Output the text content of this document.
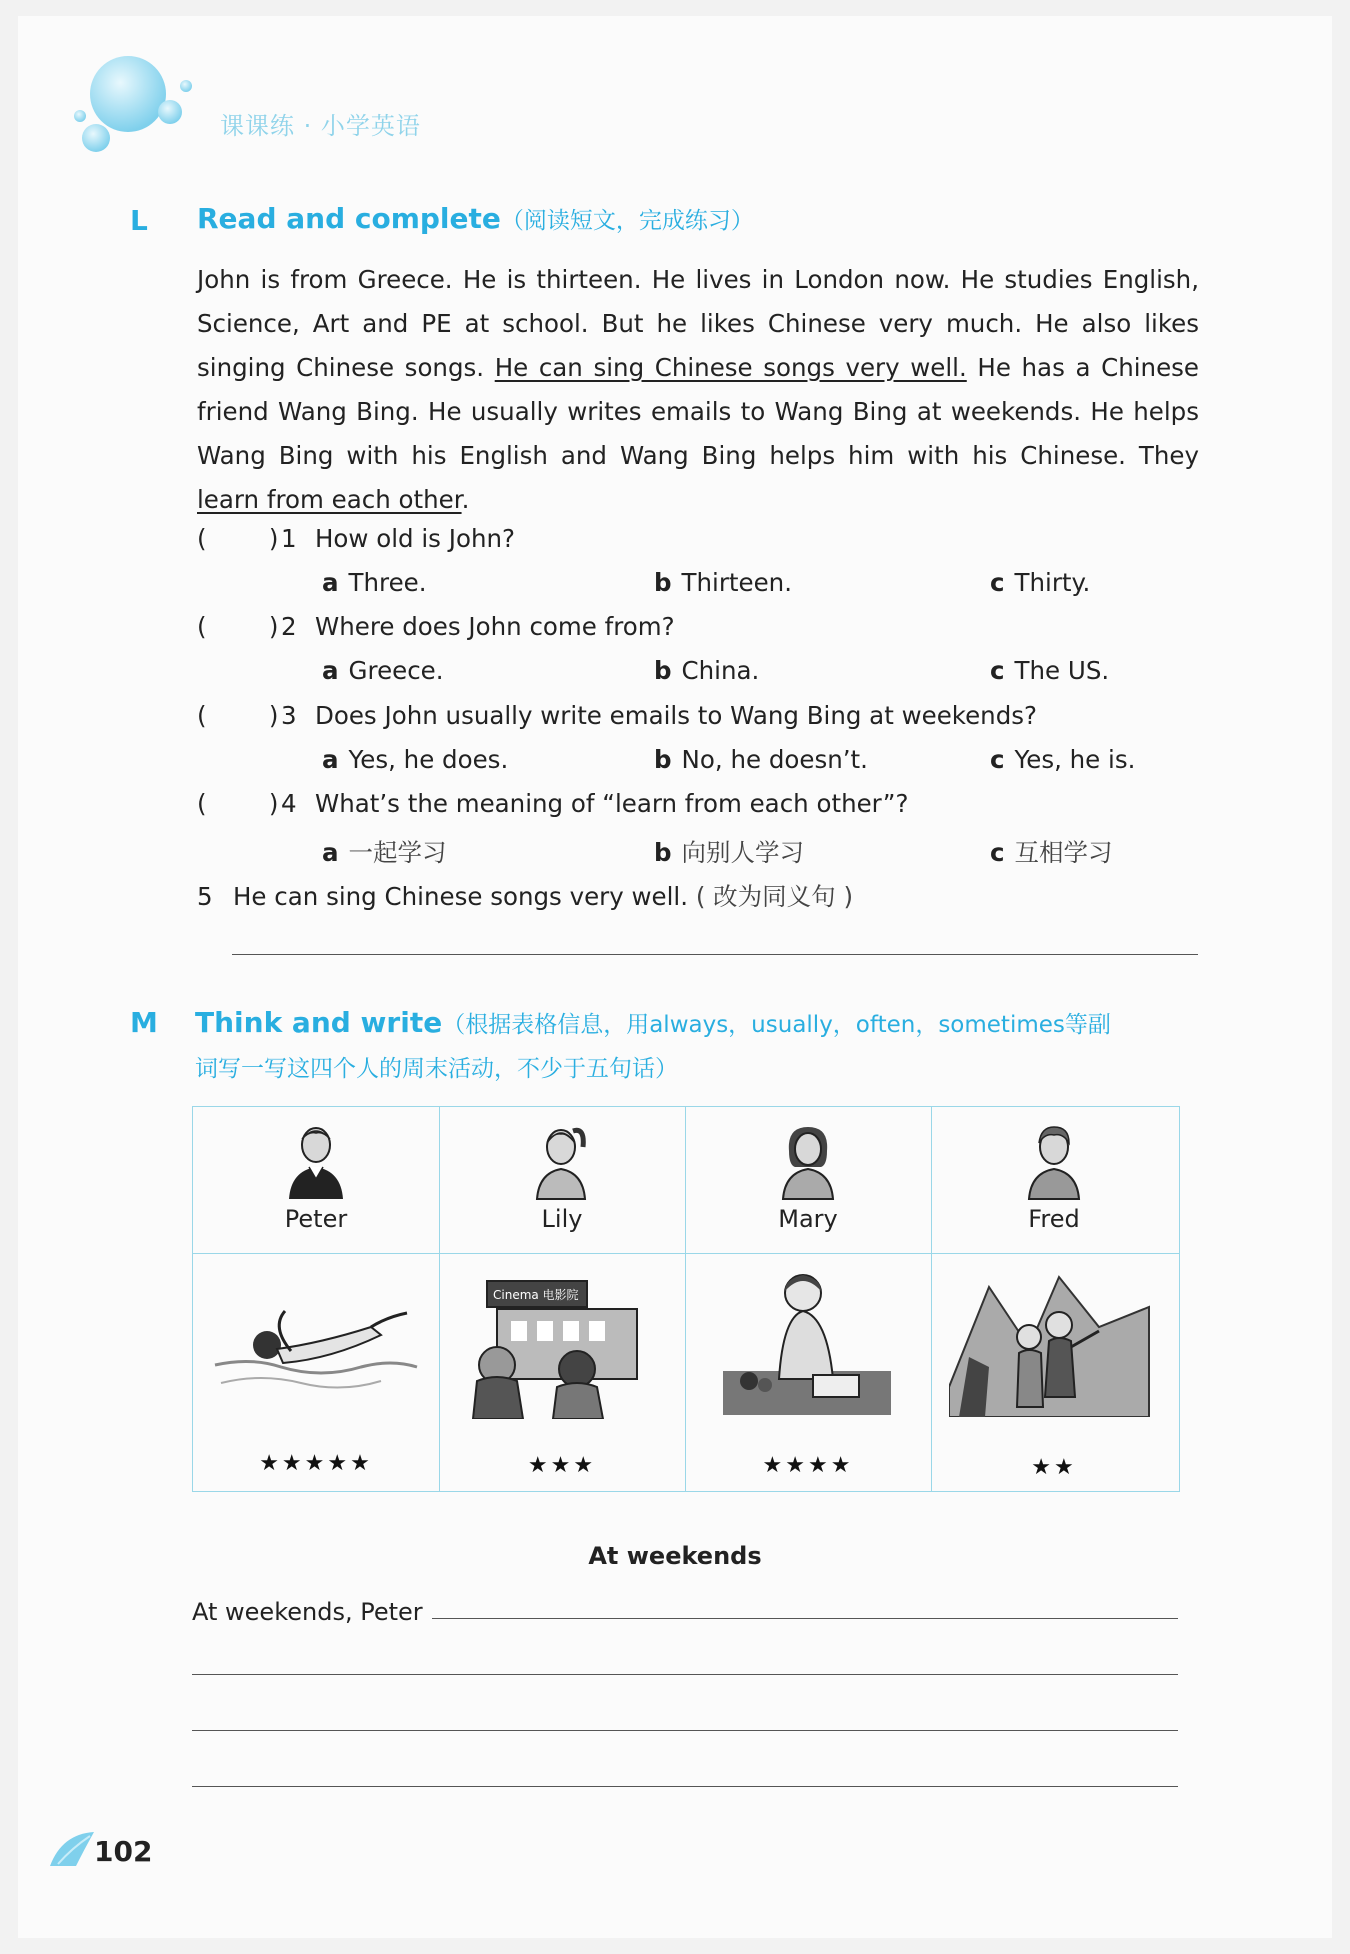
课课练 · 小学英语
L Read and complete（阅读短文，完成练习）
John is from Greece. He is thirteen. He lives in London now. He studies English, Science, Art and PE at school. But he likes Chinese very much. He also likes singing Chinese songs. He can sing Chinese songs very well. He has a Chinese friend Wang Bing. He usually writes emails to Wang Bing at weekends. He helps Wang Bing with his English and Wang Bing helps him with his Chinese. They learn from each other.
(        ) 1 How old is John?
a Three.	b Thirteen.	c Thirty.
(        ) 2 Where does John come from?
a Greece.	b China.	c The US.
(        ) 3 Does John usually write emails to Wang Bing at weekends?
a Yes, he does.	b No, he doesn’t.	c Yes, he is.
(        ) 4 What’s the meaning of “learn from each other”?
a 一起学习	b 向别人学习	c 互相学习
5 He can sing Chinese songs very well. ( 改为同义句 )
M Think and write（根据表格信息，用always，usually，often，sometimes等副
词写一写这四个人的周末活动，不少于五句话）
Peter	Lily	Mary	Fred
Cinema 电影院
★★★★★	★★★	★★★★	★★
At weekends
At weekends, Peter
102
